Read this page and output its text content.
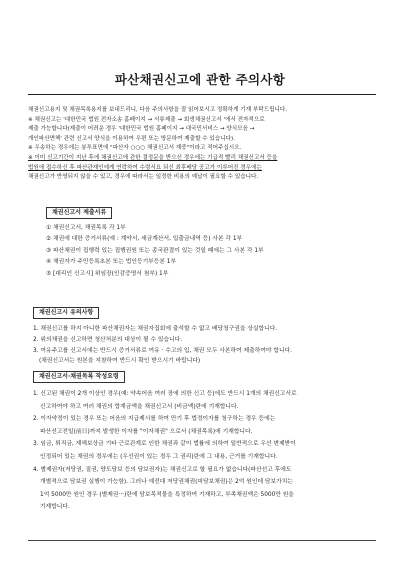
파산채권신고에 관한 주의사항

채권신고용지 및 채권목록용지를 보내드리니, 다음 주의사항을 잘 읽어보시고 정확하게 기재 부탁드립니다.

※ 채권신고는 '대한민국 법원 전자소송 홈페이지 → 서류제출 → 회생채권신고서 '에서 전자적으로

제출 가능합니다(제출이 어려운 경우 '대한민국 법원 홈페이지 → 대국민서비스 → 양식모음 →

개인파산면책' 관련 신고서 양식을 이용하여 우편 또는 방문하여 제출할 수 있습니다).

※ 우송하는 경우에는 봉투표면에 "파산자 ○○○ 채권신고서 재중"이라고 적어주십시오.

※ 이미 신고기간이 지난 후에 채권신고에 관한 결정문을 받으신 경우에는 기급적 빨리 채권신고서 등을

법원에 접수하신 후 파산관재인에게 연락하여 수령서요 되신 최후배당 공고가 이루어진 경우에는

채권신고가 반영되지 않을 수 있고, 경우에 따라서는 일정한 비용의 예납이 필요할 수 있습니다.

채권신고서 제출서류
① 채권신고서, 채권목록 각 1부
② 채권에 대한 증거서류(예 : 계약서, 세금계산서, 입출금내역 등) 사본 각 1부
③ 파산채권이 집행력 있는 집행권원 또는 종국판결이 있는 것일 때에는 그 사본 각 1부
④ 채권자가 주민등록초본 또는 법인등기부등본 1부
⑤ [대리인 신고시] 위임장(인감증명서 첨부) 1부
채권신고시 유의사항
1. 채권신고를 하지 아니한 파산채권자는 채권자집회에 출석할 수 없고 배당청구권을 상실합니다.
2. 위의채권을 신고하면 청산처분의 대상이 될 수 있습니다.
3. 여유주고를 신고서에는 반드시 증거서류로 여유 · 수고의 입, 채권 모두 사본하여 제출하여야 합니다.
(채권신고서는 원본을 지참하여 반드시 확인 받으시기 바랍니다)
채권신고서·채권목록 작성요령
1. 신고된 채권이 2개 이상인 경우(예: 약속어음 여러 장에 의한 신고 등)에도 반드시 1개의 채권신고서로
신고하여야 하고 여러 채권의 합계금액을 채권신고서 (비금액)란에 기재합니다.
2. 이자약정이 있는 경우 또는 어음의 지급제시를 하여 만기 후 법정이자를 청구하는 경우 등에는
파산선고전일(前日)까지 발생한 이자를 "이자채권" 으로서 (채권목록)에 기재합니다.
3. 임금, 퇴직금, 재해보상금 기타 근로관계로 인한 채권과 같이 법률에 의하여 일반적으로 우선 변제받이
인정되어 있는 채권의 경우에는 (우선권이 있는 경우 그 권리)란에 그 내용, 근거를 기재합니다.
4. 별제권자(저당권, 질권, 양도담보 등의 담보권자)는 채권신고로 할 필요가 없습니다(파산선고 후에도
개별적으로 담보권 실행이 가능함). 그러나 예전대 저당권채권(피담보채권)은 2억 원인데 담보가치는
1억 5000만 원인 경우 (별제권···)란에 담보목적물을 특정하여 기재하고, 부족채권액은 5000만 원을
기재합니다.
